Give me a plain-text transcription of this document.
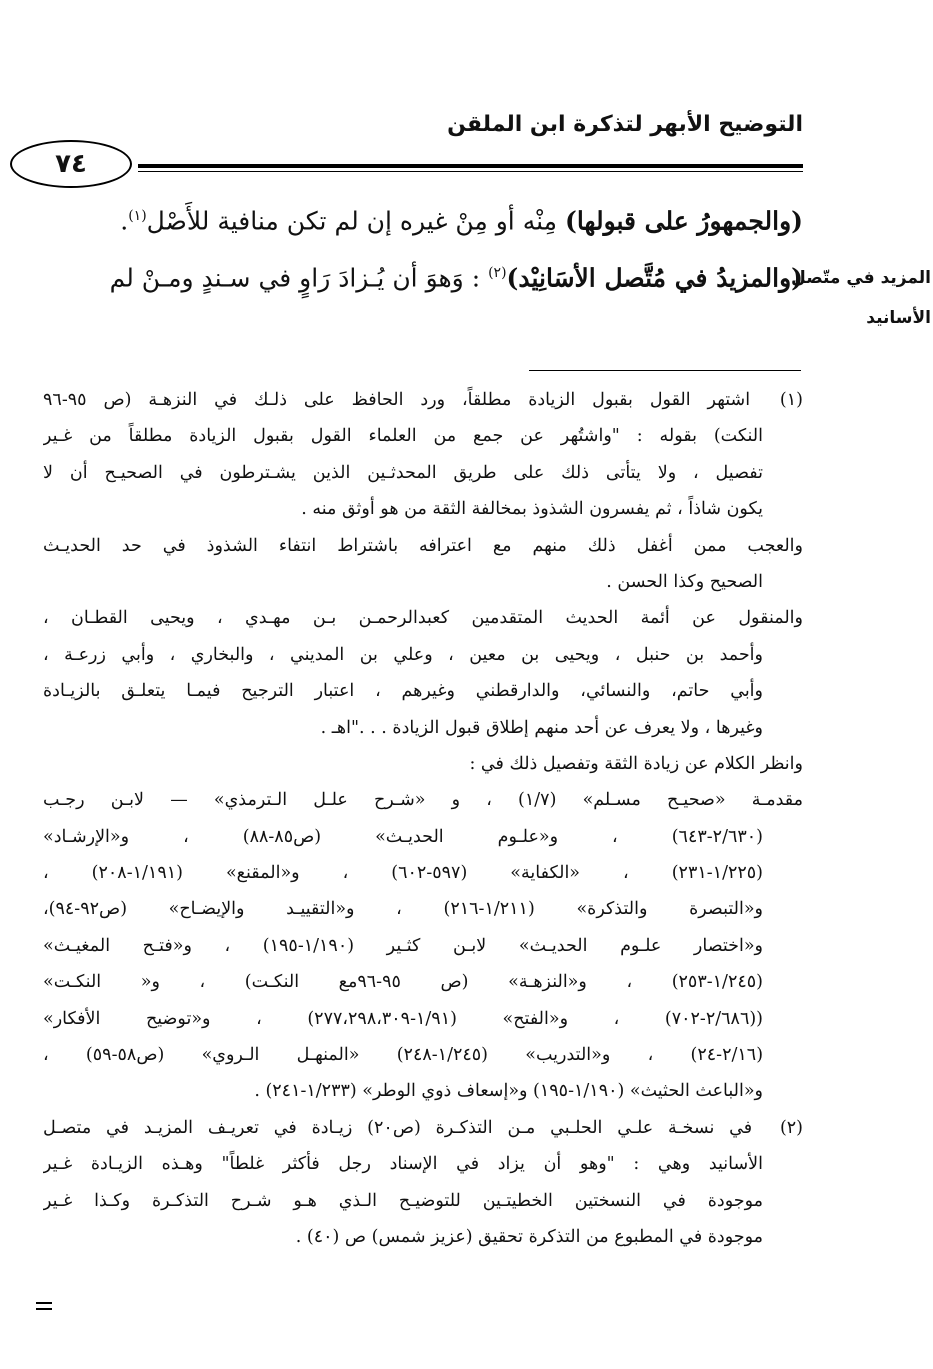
التوضيح الأبهر لتذكرة ابن الملقن
٧٤

(والجمهورُ على قبولها) مِنْه أو مِنْ غيره إن لم تكن منافية للأَصْل$^{(١)}$.

(والمزيدُ في مُتَّصل الأسَانِيْد)$^{(٢)}$ : وَهوَ أن يُـزادَ رَاوٍ في سـندٍ ومـنْ لم	المزيد في متّصل
الأسانيد
(١) اشتهر القول بقبول الزيادة مطلقاً، ورد الحافظ على ذلـك في النزهـة (ص ٩٥-٩٦
النكت) بقوله : "واشتُهر عن جمع من العلماء القول بقبول الزيادة مطلقاً من غـير
تفصيل ، ولا يتأتى ذلك على طريق المحدثـين الذين يشـترطون في الصحيـح أن لا
يكون شاذاً ، ثم يفسرون الشذوذ بمخالفة الثقة من هو أوثق منه .
والعجب ممن أغفل ذلك منهم مع اعترافه باشتراط انتفاء الشذوذ في حد الحديـث
الصحيح وكذا الحسن .
والمنقول عن أئمة الحديث المتقدمين كعبدالرحمـن بـن مهـدي ، ويحيى القطـان ،
وأحمد بن حنبل ، ويحيى بن معين ، وعلي بن المديني ، والبخاري ، وأبي زرعـة ،
وأبي حاتم، والنسائي، والدارقطني وغيرهم ، اعتبار الترجيح فيمـا يتعلـق بالزيـادة
وغيرها ، ولا يعرف عن أحد منهم إطلاق قبول الزيادة . . ."اهـ .
وانظر الكلام عن زيادة الثقة وتفصيل ذلك في :
مقدمـة «صحيـح مسـلم» (١/٧) ، و «شـرح علـل الـترمذي» — لابـن رجـب
(٢/٦٣٠-٦٤٣) ، و«علـوم الحديـث» (ص٨٥-٨٨) ، و«الإرشـاد»
(١/٢٢٥-٢٣١) ، «الكفاية» (٥٩٧-٦٠٢) ، و«المقنع» (١/١٩١-٢٠٨) ،
و«التبصرة والتذكرة» (١/٢١١-٢١٦) ، و«التقييـد والإيضـاح» (ص٩٢-٩٤)،
و«اختصار علـوم الحديـث» لابـن كثـير (١/١٩٠-١٩٥) ، و«فتـح المغيـث»
(١/٢٤٥-٢٥٣) ، و«النزهـة» (ص ٩٥-٩٦مع النكـت) ، و« النكـت»
((٢/٦٨٦-٧٠٢) ، و«الفتح» (١/٩١-٢٧٧،٢٩٨،٣٠٩) ، و«توضيح الأفكار»
(٢/١٦-٢٤) ، و«التدريب» (١/٢٤٥-٢٤٨) «المنهـل الـروي» (ص٥٨-٥٩) ،
و«الباعث الحثيث» (١/١٩٠-١٩٥) و«إسعاف ذوي الوطر» (١/٢٣٣-٢٤١) .
(٢) في نسخـة علـي الحلـبي مـن التذكـرة (ص٢٠) زيـادة في تعريـف المزيـد في متصـل
الأسانيد وهي : "وهو أن يزاد في الإسناد رجل فأكثر غلطاً" وهـذه الزيـادة غـير
موجودة في النسختين الخطيتـين للتوضيـح الـذي هـو شـرح التذكـرة وكـذا غـير
موجودة في المطبوع من التذكرة تحقيق (عزيز شمس) ص (٤٠) .
